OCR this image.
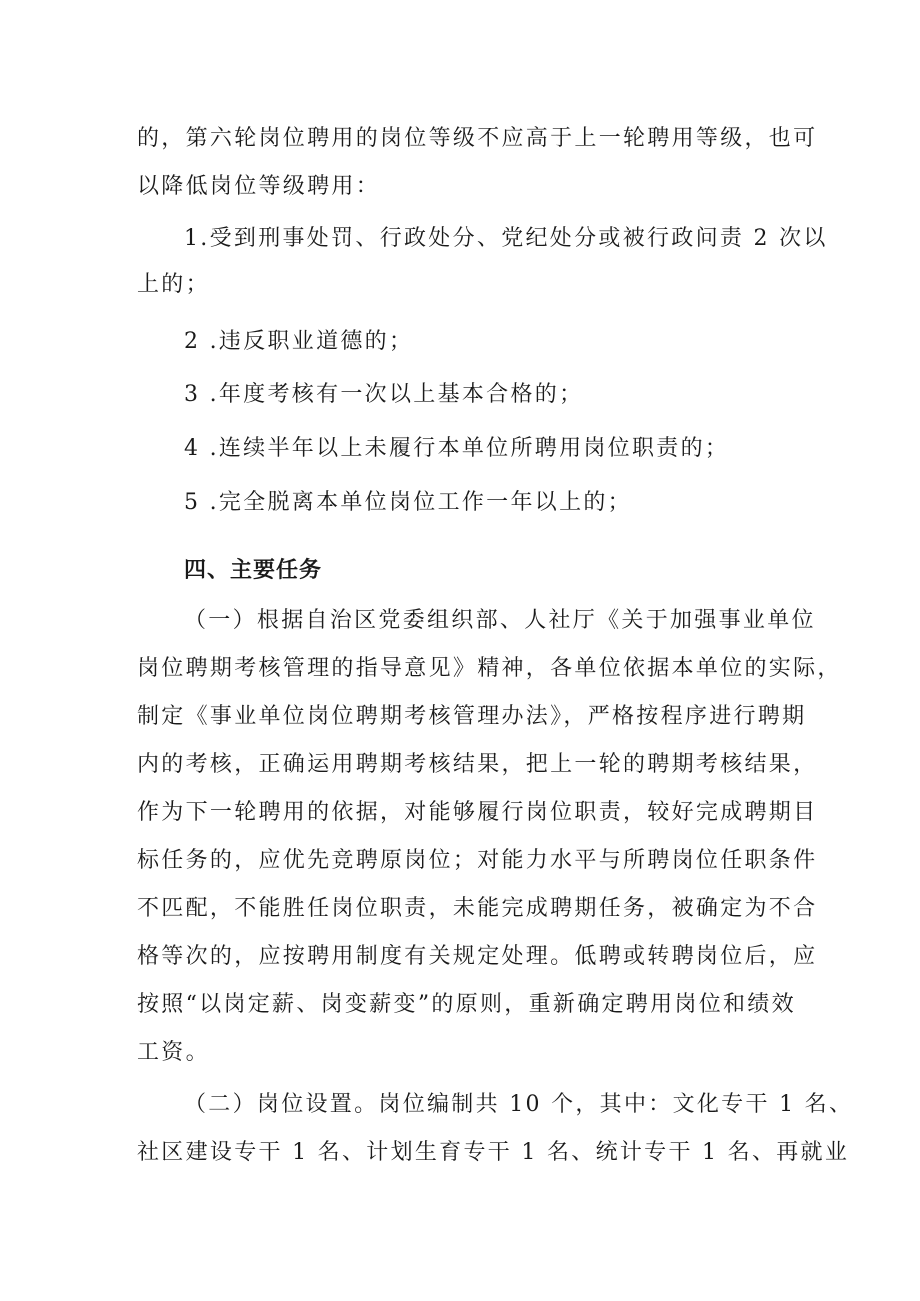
的，第六轮岗位聘用的岗位等级不应高于上一轮聘用等级，也可
以降低岗位等级聘用：
1.受到刑事处罚、行政处分、党纪处分或被行政问责 2 次以
上的；
2 .违反职业道德的；
3 .年度考核有一次以上基本合格的；
4 .连续半年以上未履行本单位所聘用岗位职责的；
5 .完全脱离本单位岗位工作一年以上的；
四、主要任务
（一）根据自治区党委组织部、人社厅《关于加强事业单位
岗位聘期考核管理的指导意见》精神，各单位依据本单位的实际，
制定《事业单位岗位聘期考核管理办法》，严格按程序进行聘期
内的考核，正确运用聘期考核结果，把上一轮的聘期考核结果，
作为下一轮聘用的依据，对能够履行岗位职责，较好完成聘期目
标任务的，应优先竞聘原岗位；对能力水平与所聘岗位任职条件
不匹配，不能胜任岗位职责，未能完成聘期任务，被确定为不合
格等次的，应按聘用制度有关规定处理。低聘或转聘岗位后，应
按照“以岗定薪、岗变薪变”的原则，重新确定聘用岗位和绩效
工资。
（二）岗位设置。岗位编制共 10 个，其中：文化专干 1 名、
社区建设专干 1 名、计划生育专干 1 名、统计专干 1 名、再就业
